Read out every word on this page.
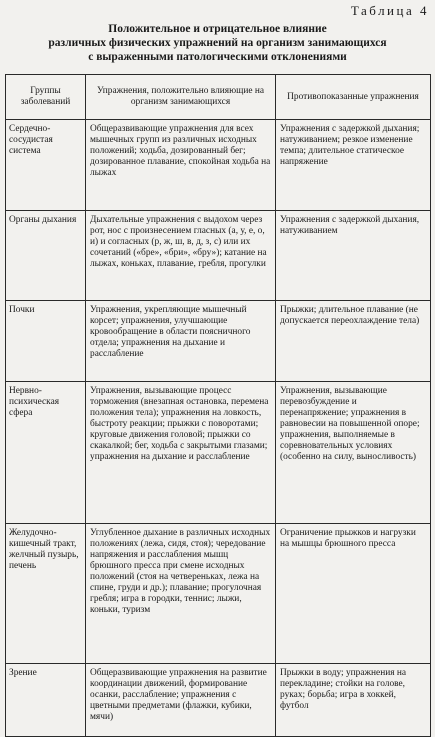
Таблица 4
Положительное и отрицательное влияние
различных физических упражнений на организм занимающихся
с выраженными патологическими отклонениями
Группы заболеваний	Упражнения, положительно влияющие на организм занимающихся	Противопоказанные упражнения
Сердечно-сосудистая система	Общеразвивающие упражнения для всех мышечных групп из различных исходных положений; ходьба, дозированный бег; дозированное плавание, спокойная ходьба на лыжах	Упражнения с задержкой дыхания; натуживанием; резкое изменение темпа; длительное статическое напряжение
Органы дыхания	Дыхательные упражнения с выдохом через рот, нос с произнесением гласных (а, у, е, о, и) и согласных (р, ж, ш, в, д, з, с) или их сочетаний («бре», «бри», «бру»); катание на лыжах, коньках, плавание, гребля, прогулки	Упражнения с задержкой дыхания, натуживанием
Почки	Упражнения, укрепляющие мышечный корсет; упражнения, улучшающие кровообращение в области поясничного отдела; упражнения на дыхание и расслабление	Прыжки; длительное плавание (не допускается переохлаждение тела)
Нервно-психическая сфера	Упражнения, вызывающие процесс торможения (внезапная остановка, перемена положения тела); упражнения на ловкость, быстроту реакции; прыжки с поворотами; круговые движения головой; прыжки со скакалкой; бег, ходьба с закрытыми глазами; упражнения на дыхание и расслабление	Упражнения, вызывающие перевозбуждение и перенапряжение; упражнения в равновесии на повышенной опоре; упражнения, выполняемые в соревновательных условиях (особенно на силу, выносливость)
Желудочно-кишечный тракт, желчный пузырь, печень	Углубленное дыхание в различных исходных положениях (лежа, сидя, стоя); чередование напряжения и расслабления мышц брюшного пресса при смене исходных положений (стоя на четвереньках, лежа на спине, груди и др.); плавание; прогулочная гребля; игра в городки, теннис; лыжи, коньки, туризм	Ограничение прыжков и нагрузки на мышцы брюшного пресса
Зрение	Общеразвивающие упражнения на развитие координации движений, формирование осанки, расслабление; упражнения с цветными предметами (флажки, кубики, мячи)	Прыжки в воду; упражнения на перекладине; стойки на голове, руках; борьба; игра в хоккей, футбол
